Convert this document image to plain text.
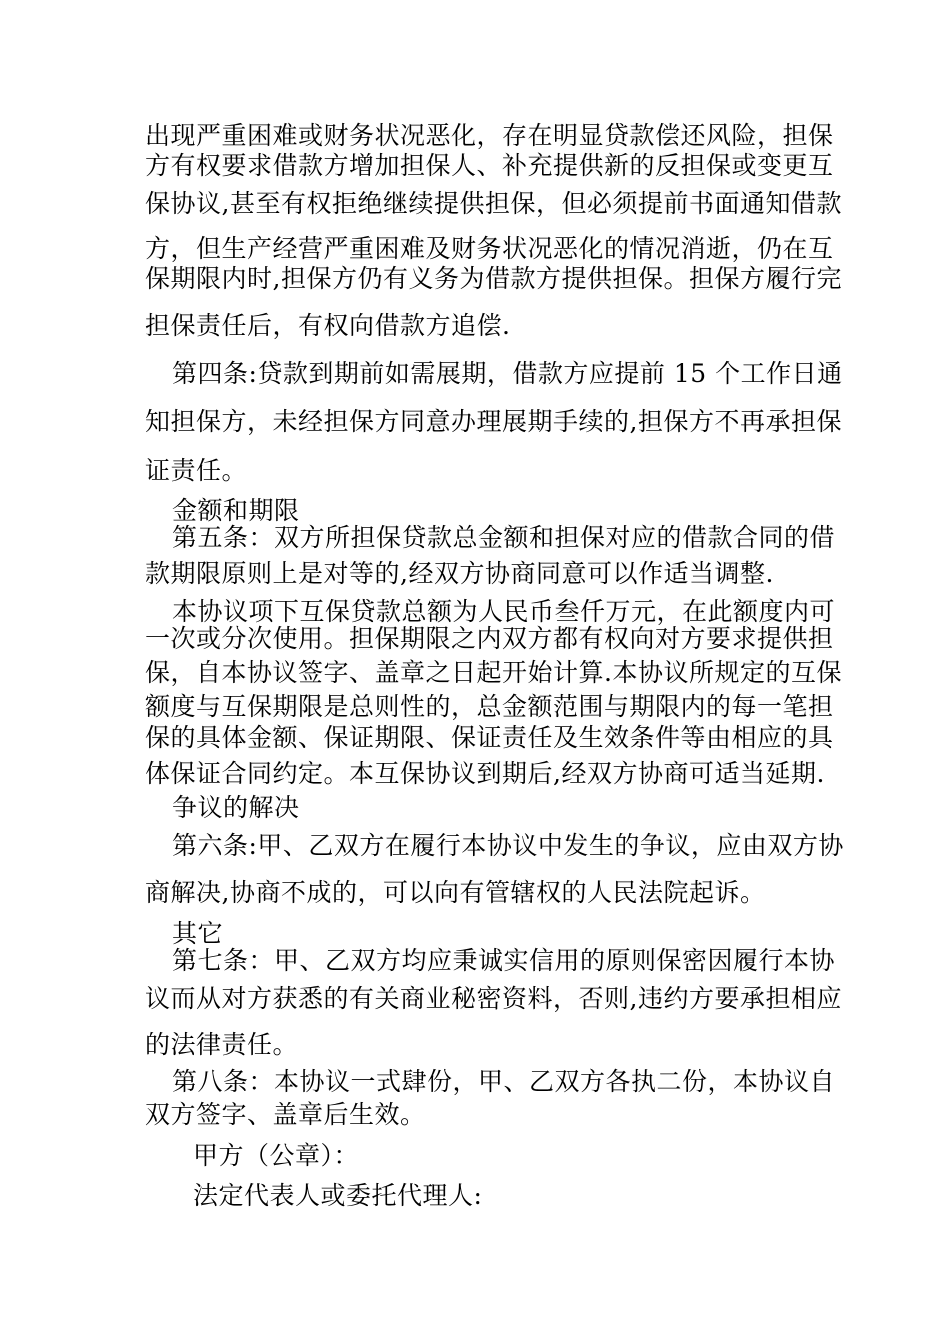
出现严重困难或财务状况恶化，存在明显贷款偿还风险，担保
方有权要求借款方增加担保人、补充提供新的反担保或变更互
保协议,甚至有权拒绝继续提供担保，但必须提前书面通知借款
方，但生产经营严重困难及财务状况恶化的情况消逝，仍在互
保期限内时,担保方仍有义务为借款方提供担保。担保方履行完
担保责任后，有权向借款方追偿.
第四条:贷款到期前如需展期，借款方应提前 15 个工作日通
知担保方，未经担保方同意办理展期手续的,担保方不再承担保
证责任。
金额和期限
第五条：双方所担保贷款总金额和担保对应的借款合同的借
款期限原则上是对等的,经双方协商同意可以作适当调整.
本协议项下互保贷款总额为人民币叁仟万元，在此额度内可
一次或分次使用。担保期限之内双方都有权向对方要求提供担
保，自本协议签字、盖章之日起开始计算.本协议所规定的互保
额度与互保期限是总则性的，总金额范围与期限内的每一笔担
保的具体金额、保证期限、保证责任及生效条件等由相应的具
体保证合同约定。本互保协议到期后,经双方协商可适当延期.
争议的解决
第六条:甲、乙双方在履行本协议中发生的争议，应由双方协
商解决,协商不成的，可以向有管辖权的人民法院起诉。
其它
第七条：甲、乙双方均应秉诚实信用的原则保密因履行本协
议而从对方获悉的有关商业秘密资料，否则,违约方要承担相应
的法律责任。
第八条：本协议一式肆份，甲、乙双方各执二份，本协议自
双方签字、盖章后生效。
甲方（公章）：
法定代表人或委托代理人:
